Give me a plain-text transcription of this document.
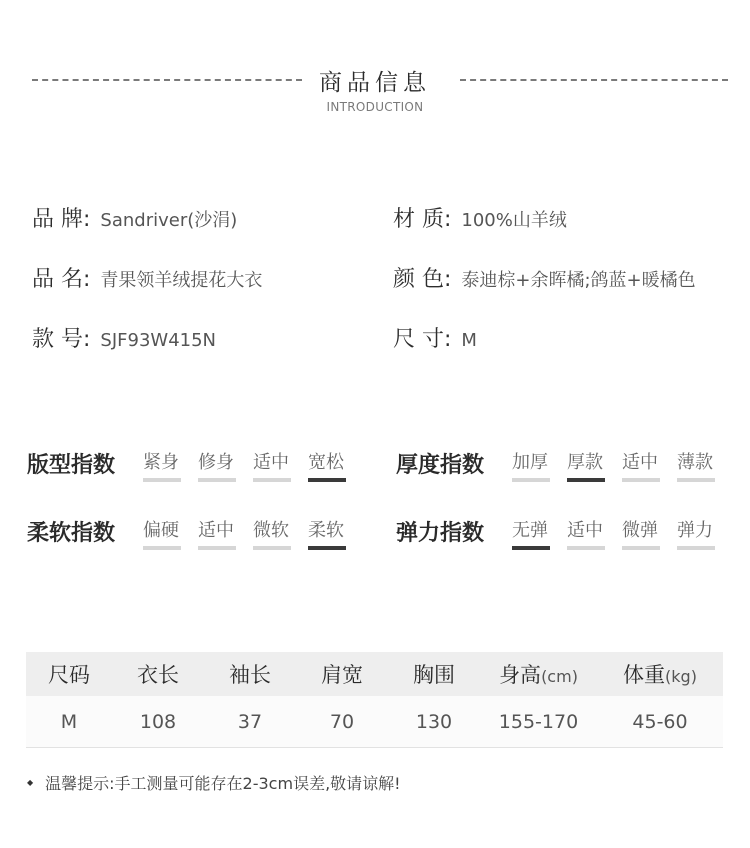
商品信息
INTRODUCTION
品 牌: Sandriver(沙涓)	材 质: 100%山羊绒
品 名: 青果领羊绒提花大衣	颜 色: 泰迪棕+余晖橘;鸽蓝+暖橘色
款 号: SJF93W415N	尺 寸: M
版型指数	紧身 修身 适中 宽松 厚度指数	加厚 厚款 适中 薄款
柔软指数	偏硬 适中 微软 柔软 弹力指数	无弹 适中 微弹 弹力
尺码	衣长	袖长	肩宽	胸围	身高(cm)	体重(kg)
M	108	37	70	130	155-170	45-60
◆ 温馨提示:手工测量可能存在2-3cm误差,敬请谅解!
